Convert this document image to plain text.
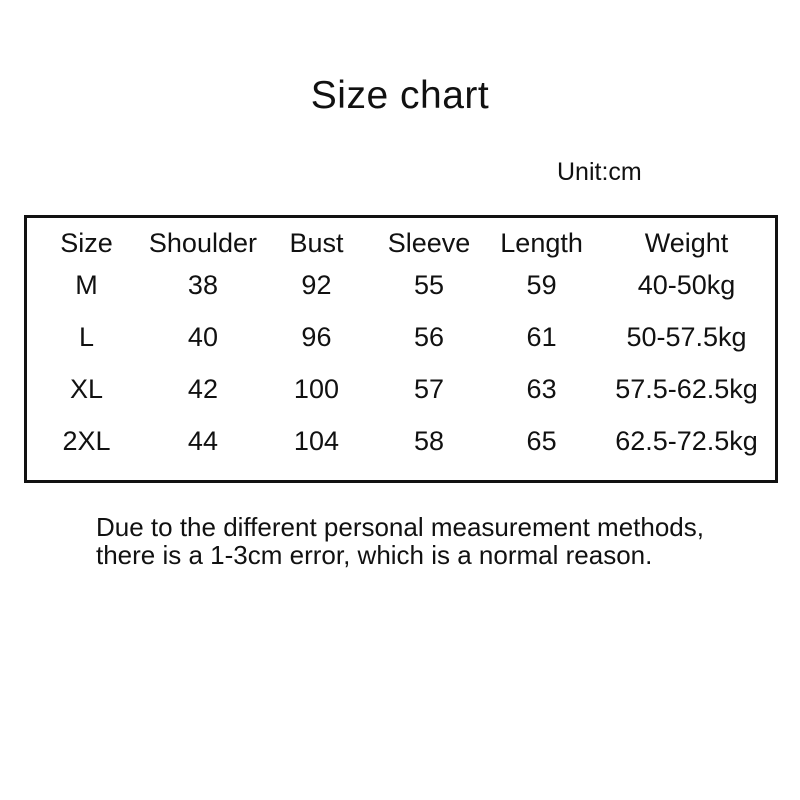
Size chart
Unit:cm
Size	Shoulder	Bust	Sleeve	Length	Weight
M	38	92	55	59	40-50kg
L	40	96	56	61	50-57.5kg
XL	42	100	57	63	57.5-62.5kg
2XL	44	104	58	65	62.5-72.5kg
Due to the different personal measurement methods,
there is a 1-3cm error, which is a normal reason.
